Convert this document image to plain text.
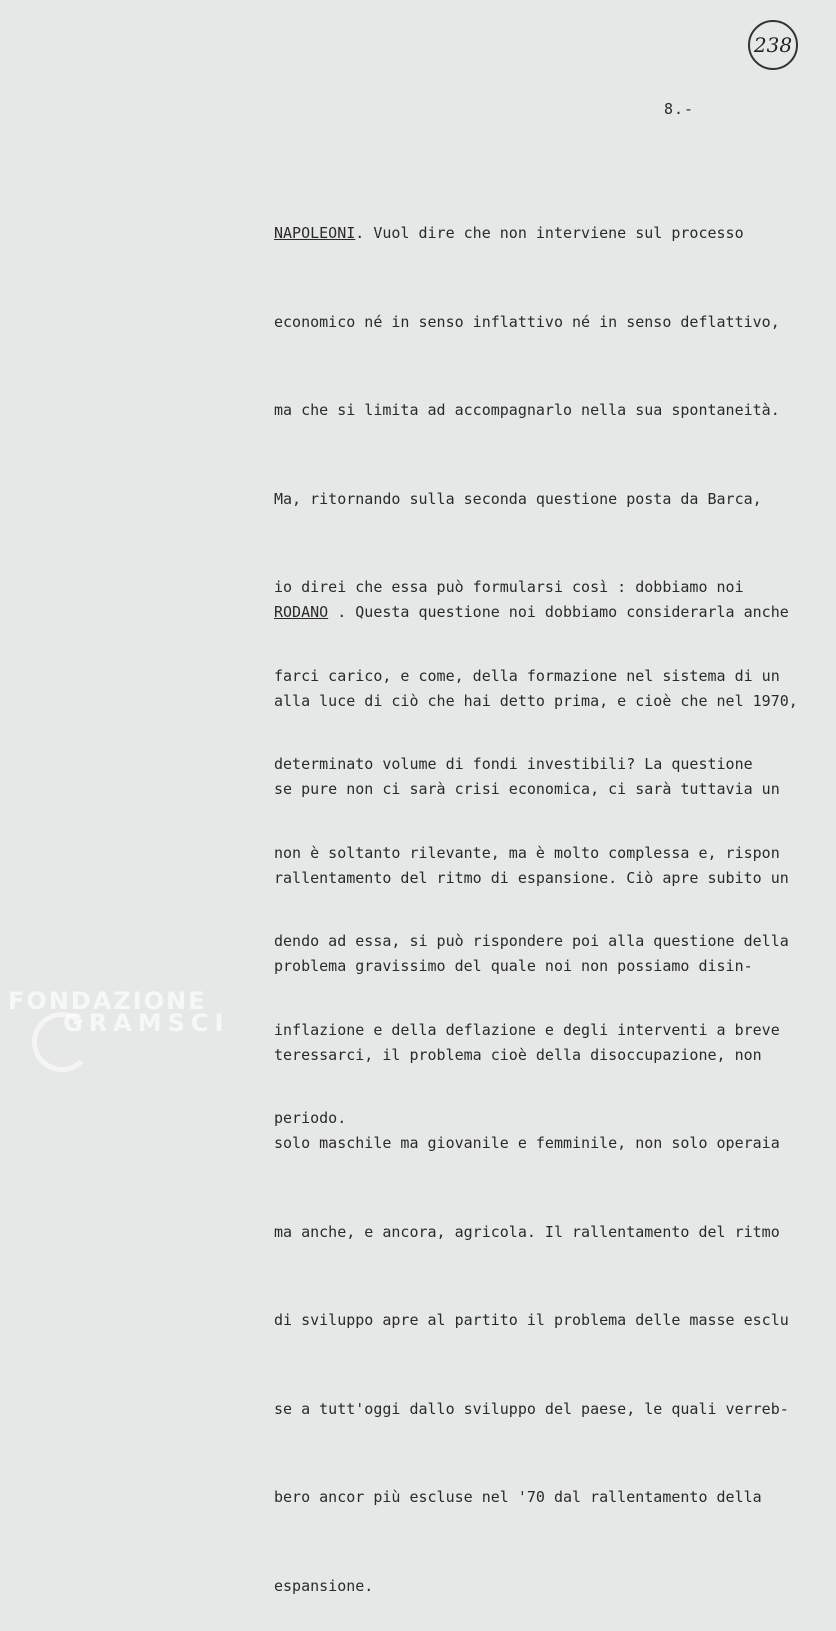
238
8.-

NAPOLEONI. Vuol dire che non interviene sul processo

economico né in senso inflattivo né in senso deflattivo,

ma che si limita ad accompagnarlo nella sua spontaneità.

Ma, ritornando sulla seconda questione posta da Barca,

io direi che essa può formularsi così : dobbiamo noi

farci carico, e come, della formazione nel sistema di un

determinato volume di fondi investibili? La questione

non è soltanto rilevante, ma è molto complessa e, rispon

dendo ad essa, si può rispondere poi alla questione della

inflazione e della deflazione e degli interventi a breve

periodo.

RODANO . Questa questione noi dobbiamo considerarla anche

alla luce di ciò che hai detto prima, e cioè che nel 1970,

se pure non ci sarà crisi economica, ci sarà tuttavia un

rallentamento del ritmo di espansione. Ciò apre subito un

problema gravissimo del quale noi non possiamo disin-

teressarci, il problema cioè della disoccupazione, non

solo maschile ma giovanile e femminile, non solo operaia

ma anche, e ancora, agricola. Il rallentamento del ritmo

di sviluppo apre al partito il problema delle masse esclu

se a tutt'oggi dallo sviluppo del paese, le quali verreb-

bero ancor più escluse nel '70 dal rallentamento della

espansione.

FONDAZIONE
GRAMSCI
